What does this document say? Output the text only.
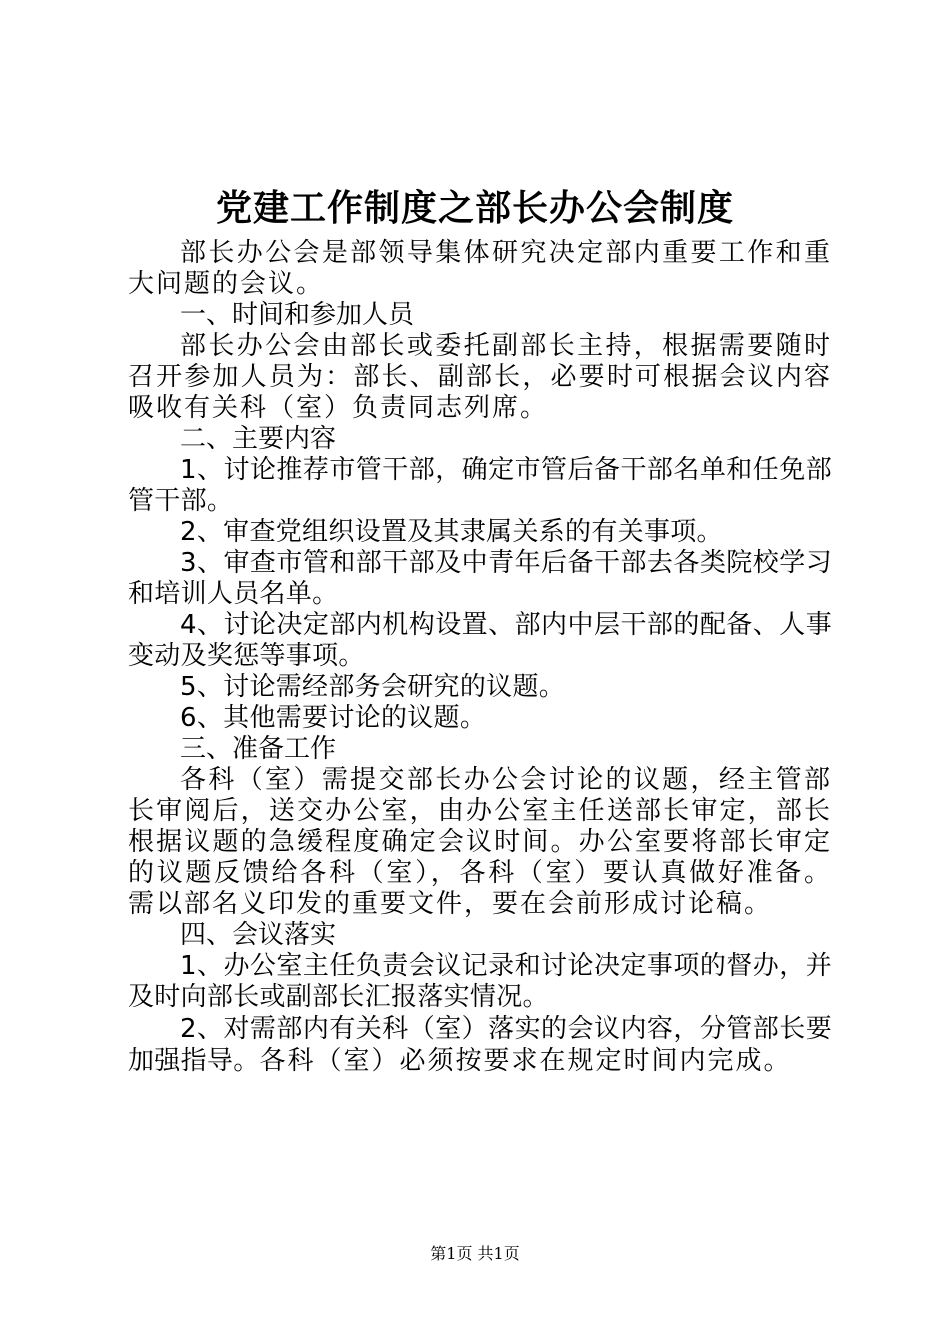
党建工作制度之部长办公会制度

部长办公会是部领导集体研究决定部内重要工作和重大问题的会议。

一、时间和参加人员

部长办公会由部长或委托副部长主持，根据需要随时召开参加人员为：部长、副部长，必要时可根据会议内容吸收有关科（室）负责同志列席。

二、主要内容

1、讨论推荐市管干部，确定市管后备干部名单和任免部管干部。

2、审查党组织设置及其隶属关系的有关事项。

3、审查市管和部干部及中青年后备干部去各类院校学习和培训人员名单。

4、讨论决定部内机构设置、部内中层干部的配备、人事变动及奖惩等事项。

5、讨论需经部务会研究的议题。

6、其他需要讨论的议题。

三、准备工作

各科（室）需提交部长办公会讨论的议题，经主管部长审阅后，送交办公室，由办公室主任送部长审定，部长根据议题的急缓程度确定会议时间。办公室要将部长审定的议题反馈给各科（室），各科（室）要认真做好准备。需以部名义印发的重要文件，要在会前形成讨论稿。

四、会议落实

1、办公室主任负责会议记录和讨论决定事项的督办，并及时向部长或副部长汇报落实情况。

2、对需部内有关科（室）落实的会议内容，分管部长要加强指导。各科（室）必须按要求在规定时间内完成。

第1页 共1页
